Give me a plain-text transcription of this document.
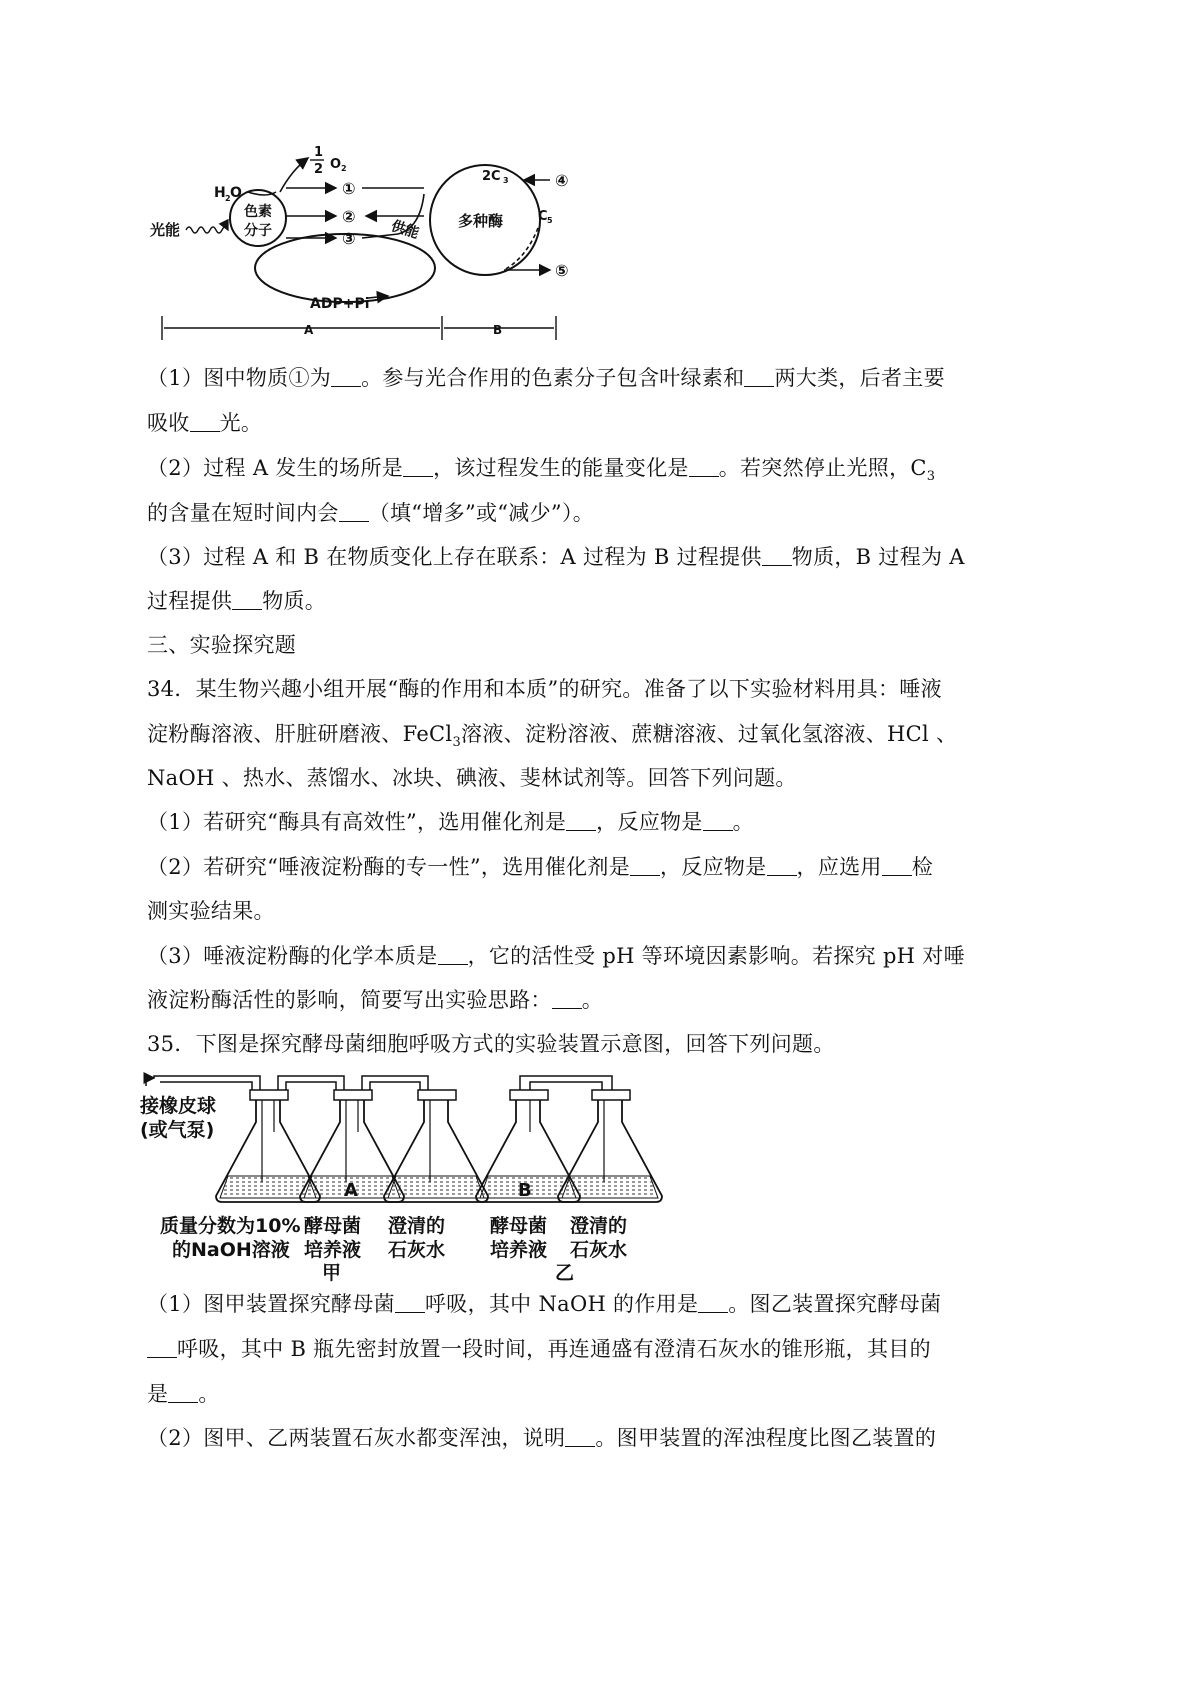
1
2 O 2
H 2 O
光能
色素
分子
①
②
③ 供能
ADP+Pi
多种酶
2C 3
C 5
④
⑤
A	B
（1）图中物质①为 。参与光合作用的色素分子包含叶绿素和 两大类，后者主要
吸收 光。
（2）过程 A 发生的场所是 ，该过程发生的能量变化是 。若突然停止光照，$C_3$
的含量在短时间内会 （填“增多”或“减少”）。
（3）过程 A 和 B 在物质变化上存在联系：A 过程为 B 过程提供 物质，B 过程为 A
过程提供 物质。
三、实验探究题
34．某生物兴趣小组开展“酶的作用和本质”的研究。准备了以下实验材料用具：唾液
淀粉酶溶液、肝脏研磨液、FeCl$_3$溶液、淀粉溶液、蔗糖溶液、过氧化氢溶液、HCl 、
NaOH 、热水、蒸馏水、冰块、碘液、斐林试剂等。回答下列问题。
（1）若研究“酶具有高效性”，选用催化剂是 ，反应物是 。
（2）若研究“唾液淀粉酶的专一性”，选用催化剂是 ，反应物是 ，应选用 检
测实验结果。
（3）唾液淀粉酶的化学本质是 ，它的活性受 pH 等环境因素影响。若探究 pH 对唾
液淀粉酶活性的影响，简要写出实验思路： 。
35．下图是探究酵母菌细胞呼吸方式的实验装置示意图，回答下列问题。
接橡皮球
(或气泵)
A	B
质量分数为10%
的NaOH溶液
酵母菌
培养液
澄清的
石灰水
甲
酵母菌
培养液
澄清的
石灰水
乙
（1）图甲装置探究酵母菌 呼吸，其中 NaOH 的作用是 。图乙装置探究酵母菌
呼吸，其中 B 瓶先密封放置一段时间，再连通盛有澄清石灰水的锥形瓶，其目的
是 。
（2）图甲、乙两装置石灰水都变浑浊，说明 。图甲装置的浑浊程度比图乙装置的
